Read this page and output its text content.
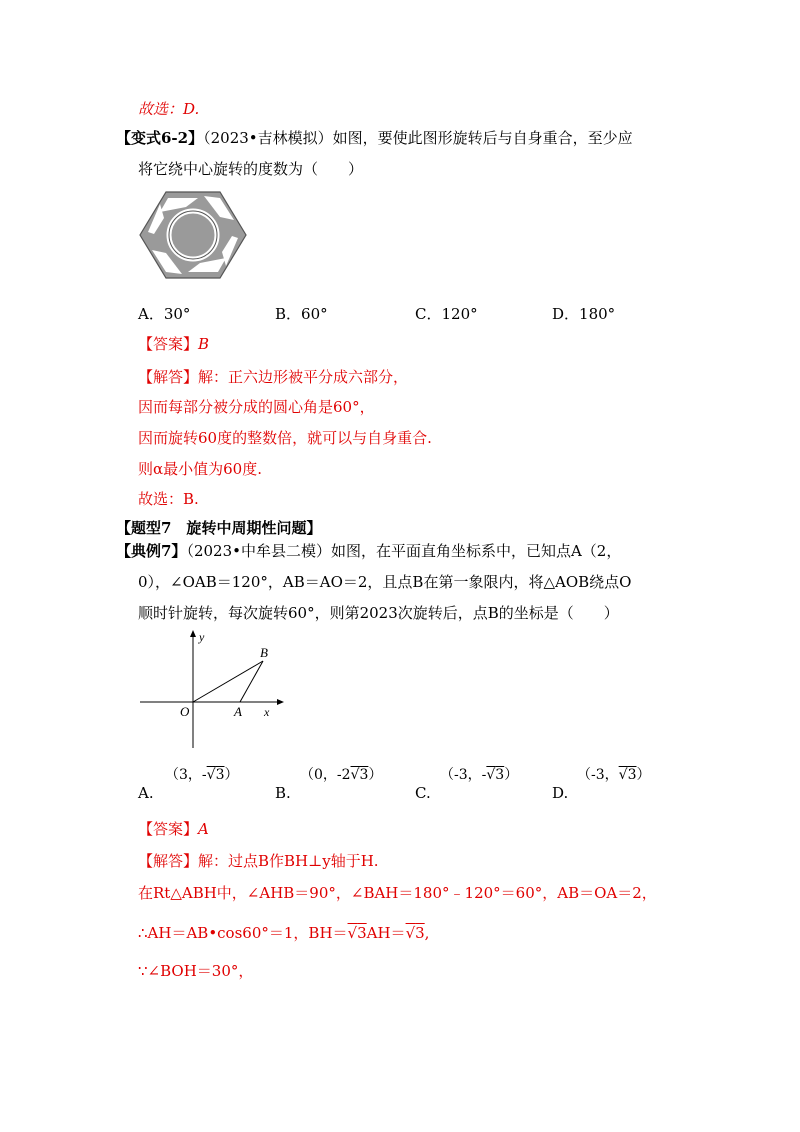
故选：D.
【变式6-2】（2023•吉林模拟）如图，要使此图形旋转后与自身重合，至少应
将它绕中心旋转的度数为（　　）
A．30°	B．60°	C．120°	D．180°
【答案】B
【解答】解：正六边形被平分成六部分，
因而每部分被分成的圆心角是60°，
因而旋转60度的整数倍，就可以与自身重合.
则α最小值为60度.
故选：B.
【题型7　旋转中周期性问题】
【典例7】（2023•中牟县二模）如图，在平面直角坐标系中，已知点A（2，
0），∠OAB＝120°，AB＝AO＝2，且点B在第一象限内，将△AOB绕点O
顺时针旋转，每次旋转60°，则第2023次旋转后，点B的坐标是（　　）
y
x
O	A
B
A.
（3，-√3）
B.
（0，-2√3）
C.
（-3，-√3）
D.
（-3，√3）
【答案】A
【解答】解：过点B作BH⊥y轴于H.
在Rt△ABH中，∠AHB＝90°，∠BAH＝180°﹣120°＝60°，AB＝OA＝2，
∴AH＝AB•cos60°＝1，BH＝√3AH＝√3,
∵∠BOH＝30°，
